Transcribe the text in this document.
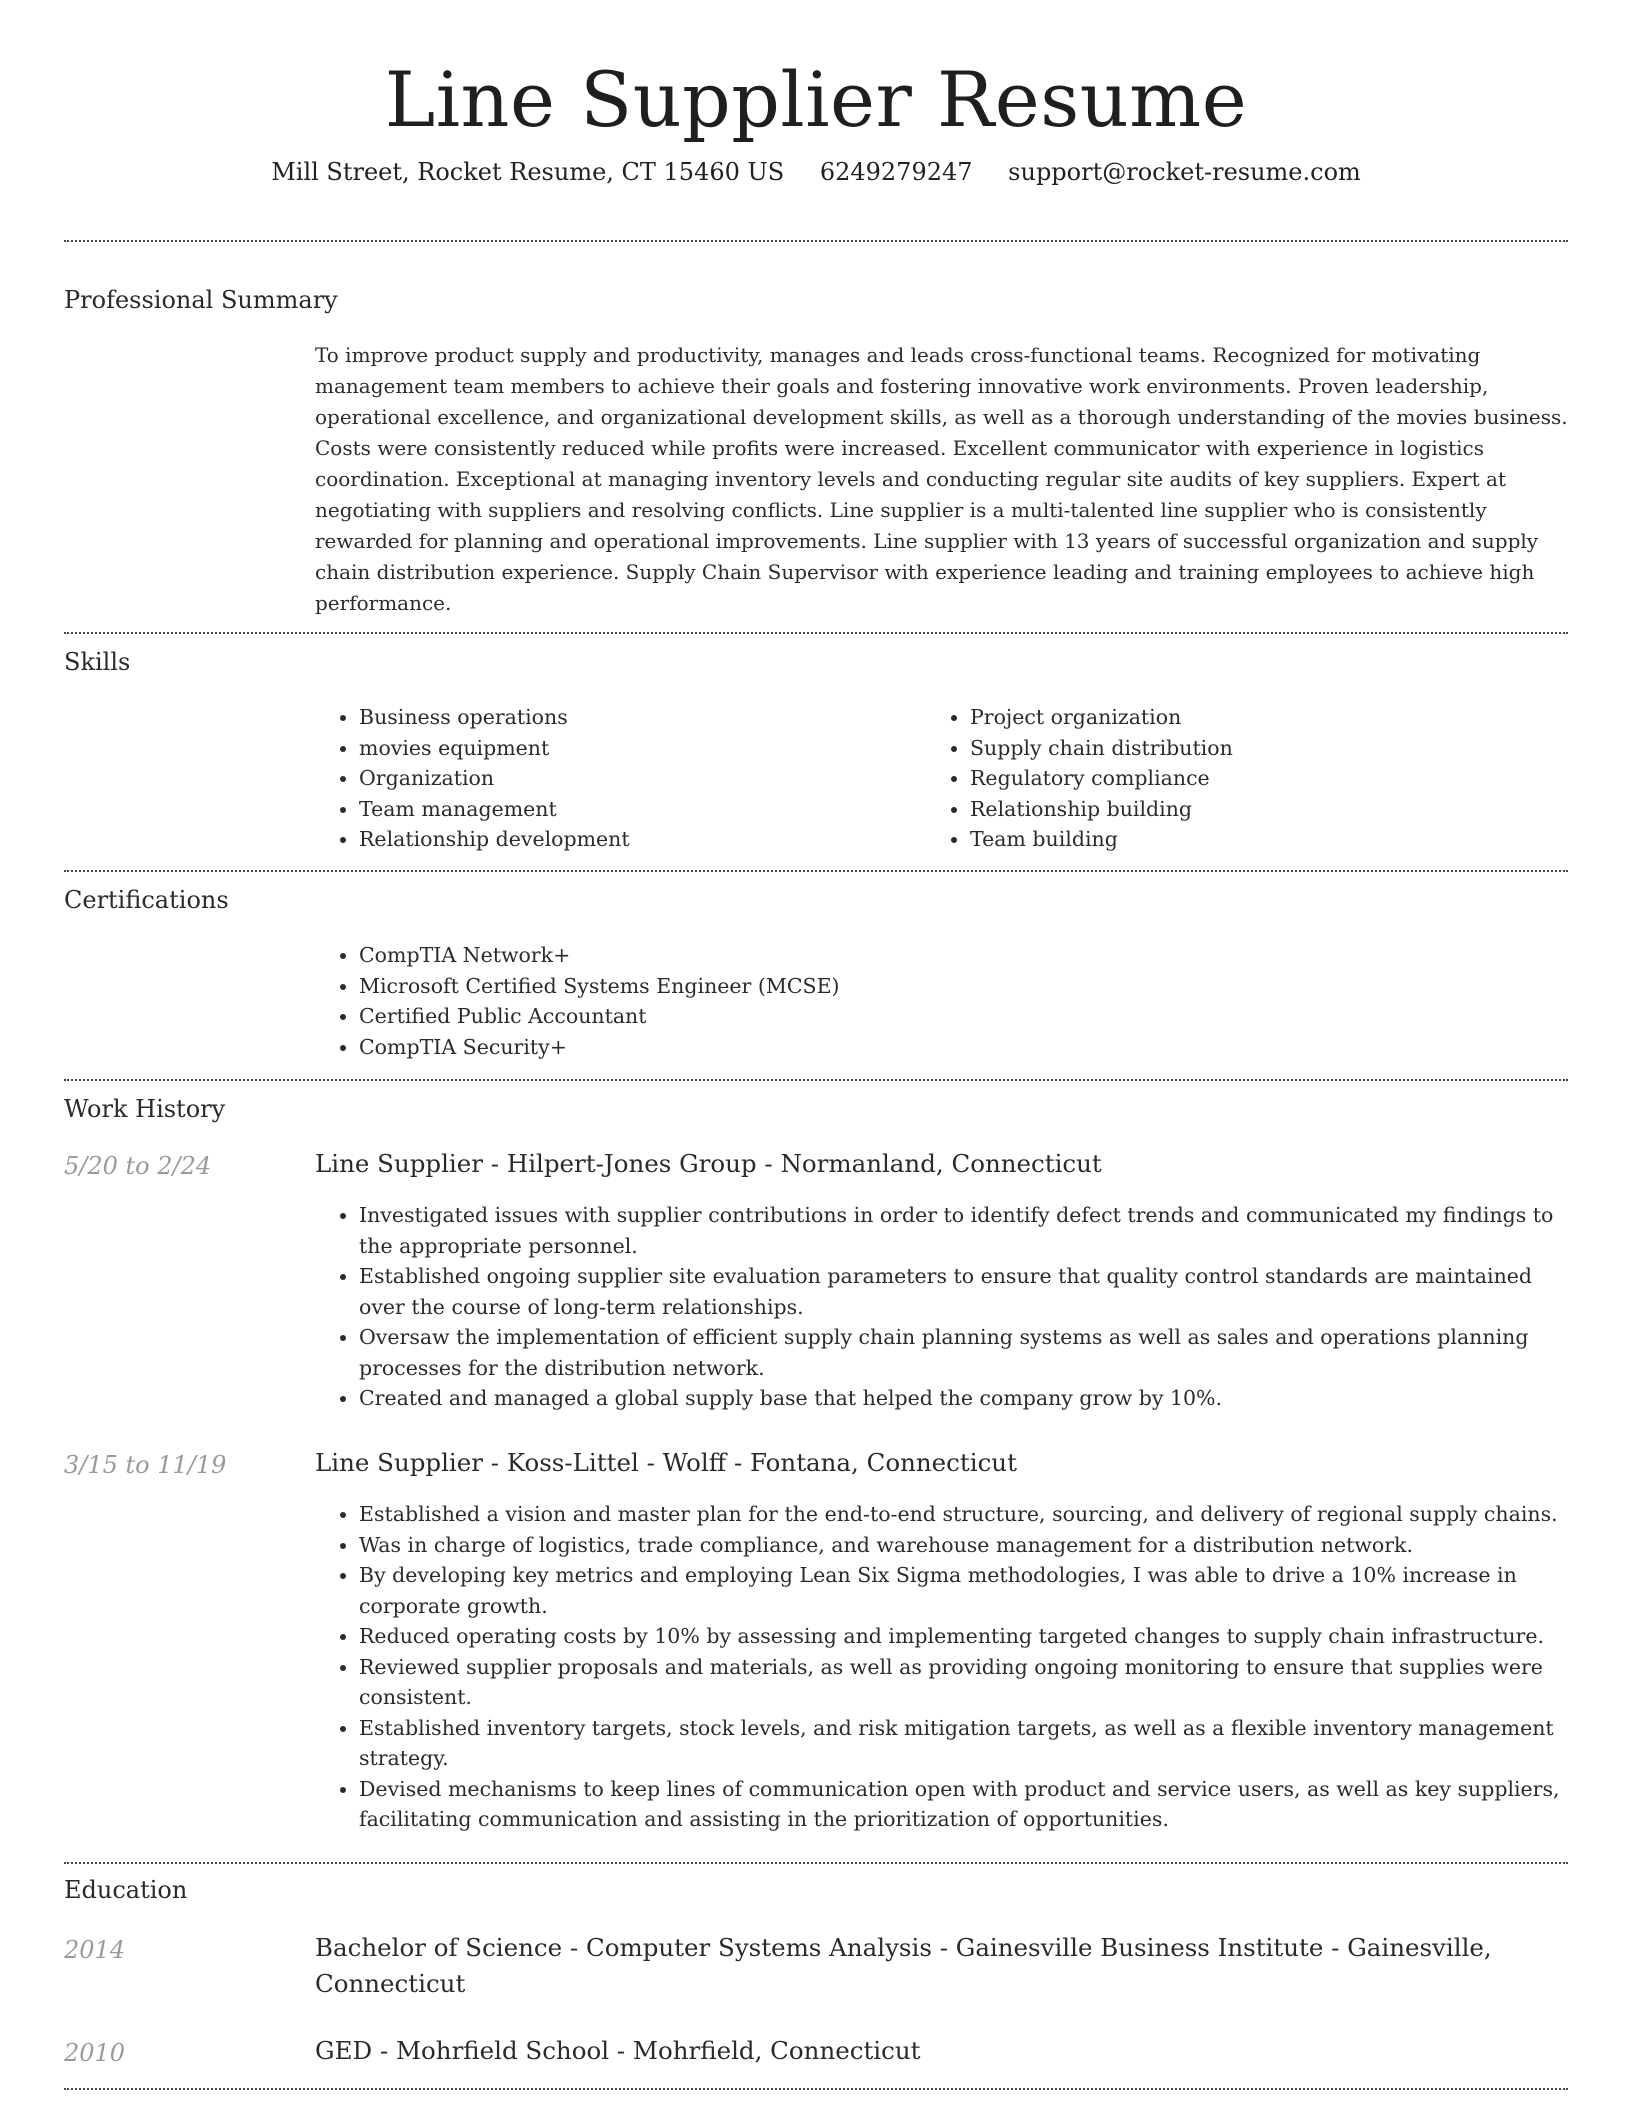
Line Supplier Resume
Mill Street, Rocket Resume, CT 15460 US 6249279247 support@rocket-resume.com
Professional Summary

To improve product supply and productivity, manages and leads cross-functional teams. Recognized for motivating management team members to achieve their goals and fostering innovative work environments. Proven leadership, operational excellence, and organizational development skills, as well as a thorough understanding of the movies business. Costs were consistently reduced while profits were increased. Excellent communicator with experience in logistics coordination. Exceptional at managing inventory levels and conducting regular site audits of key suppliers. Expert at negotiating with suppliers and resolving conflicts. Line supplier is a multi-talented line supplier who is consistently rewarded for planning and operational improvements. Line supplier with 13 years of successful organization and supply chain distribution experience. Supply Chain Supervisor with experience leading and training employees to achieve high performance.

Skills
• Business operations
• movies equipment
• Organization
• Team management
• Relationship development
• Project organization
• Supply chain distribution
• Regulatory compliance
• Relationship building
• Team building
Certifications
• CompTIA Network+
• Microsoft Certified Systems Engineer (MCSE)
• Certified Public Accountant
• CompTIA Security+
Work History
5/20 to 2/24	Line Supplier - Hilpert-Jones Group - Normanland, Connecticut
• Investigated issues with supplier contributions in order to identify defect trends and communicated my findings to the appropriate personnel.
• Established ongoing supplier site evaluation parameters to ensure that quality control standards are maintained over the course of long-term relationships.
• Oversaw the implementation of efficient supply chain planning systems as well as sales and operations planning processes for the distribution network.
• Created and managed a global supply base that helped the company grow by 10%.
3/15 to 11/19	Line Supplier - Koss-Littel - Wolff - Fontana, Connecticut
• Established a vision and master plan for the end-to-end structure, sourcing, and delivery of regional supply chains.
• Was in charge of logistics, trade compliance, and warehouse management for a distribution network.
• By developing key metrics and employing Lean Six Sigma methodologies, I was able to drive a 10% increase in corporate growth.
• Reduced operating costs by 10% by assessing and implementing targeted changes to supply chain infrastructure.
• Reviewed supplier proposals and materials, as well as providing ongoing monitoring to ensure that supplies were consistent.
• Established inventory targets, stock levels, and risk mitigation targets, as well as a flexible inventory management strategy.
• Devised mechanisms to keep lines of communication open with product and service users, as well as key suppliers, facilitating communication and assisting in the prioritization of opportunities.
Education
2014	Bachelor of Science - Computer Systems Analysis - Gainesville Business Institute - Gainesville, Connecticut
2010	GED - Mohrfield School - Mohrfield, Connecticut
